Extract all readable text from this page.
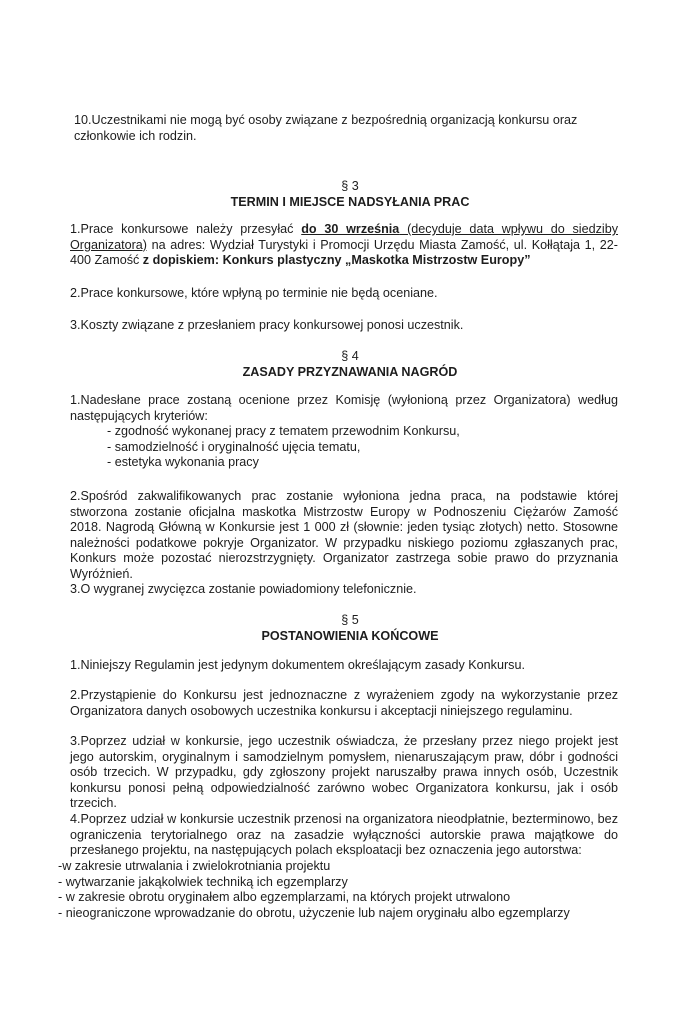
10.Uczestnikami nie mogą być osoby związane z bezpośrednią organizacją konkursu oraz członkowie ich rodzin.

§ 3

TERMIN I MIEJSCE NADSYŁANIA PRAC

1.Prace konkursowe należy przesyłać do 30 września (decyduje data wpływu do siedziby Organizatora) na adres: Wydział Turystyki i Promocji Urzędu Miasta Zamość, ul. Kołłątaja 1, 22-400 Zamość z dopiskiem: Konkurs plastyczny „Maskotka Mistrzostw Europy”

2.Prace konkursowe, które wpłyną po terminie nie będą oceniane.

3.Koszty związane z przesłaniem pracy konkursowej ponosi uczestnik.

§ 4

ZASADY PRZYZNAWANIA NAGRÓD

1.Nadesłane prace zostaną ocenione przez Komisję (wyłonioną przez Organizatora) według następujących kryteriów:

- zgodność wykonanej pracy z tematem przewodnim Konkursu,

- samodzielność i oryginalność ujęcia tematu,

- estetyka wykonania pracy

2.Spośród zakwalifikowanych prac zostanie wyłoniona jedna praca, na podstawie której stworzona zostanie oficjalna maskotka Mistrzostw Europy w Podnoszeniu Ciężarów Zamość 2018. Nagrodą Główną w Konkursie jest 1 000 zł (słownie: jeden tysiąc złotych) netto. Stosowne należności podatkowe pokryje Organizator. W przypadku niskiego poziomu zgłaszanych prac, Konkurs może pozostać nierozstrzygnięty. Organizator zastrzega sobie prawo do przyznania Wyróżnień.

3.O wygranej zwycięzca zostanie powiadomiony telefonicznie.

§ 5

POSTANOWIENIA KOŃCOWE

1.Niniejszy Regulamin jest jedynym dokumentem określającym zasady Konkursu.

2.Przystąpienie do Konkursu jest jednoznaczne z wyrażeniem zgody na wykorzystanie przez Organizatora danych osobowych uczestnika konkursu i akceptacji niniejszego regulaminu.

3.Poprzez udział w konkursie, jego uczestnik oświadcza, że przesłany przez niego projekt jest jego autorskim, oryginalnym i samodzielnym pomysłem, nienaruszającym praw, dóbr i godności osób trzecich. W przypadku, gdy zgłoszony projekt naruszałby prawa innych osób, Uczestnik konkursu ponosi pełną odpowiedzialność zarówno wobec Organizatora konkursu, jak i osób trzecich.

4.Poprzez udział w konkursie uczestnik przenosi na organizatora nieodpłatnie, bezterminowo, bez ograniczenia terytorialnego oraz na zasadzie wyłączności autorskie prawa majątkowe do przesłanego projektu, na następujących polach eksploatacji bez oznaczenia jego autorstwa:

-w zakresie utrwalania i zwielokrotniania projektu

- wytwarzanie jakąkolwiek techniką ich egzemplarzy

- w zakresie obrotu oryginałem albo egzemplarzami, na których projekt utrwalono

- nieograniczone wprowadzanie do obrotu, użyczenie lub najem oryginału albo egzemplarzy
